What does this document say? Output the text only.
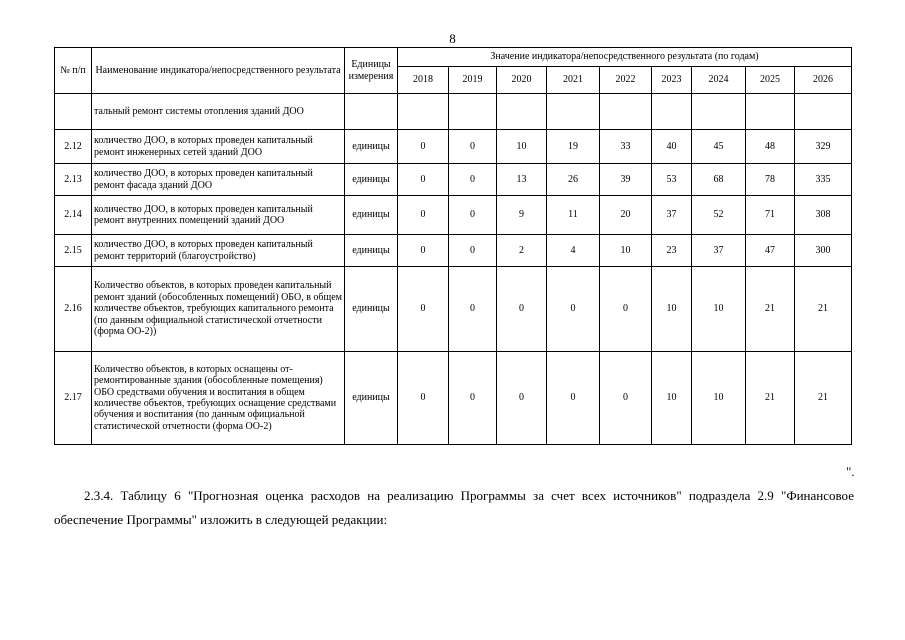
8
№ п/п	Наименование индикатора/непосредственного результата	Единицы измерения	Значение индикатора/непосредственного результата (по годам)								
			2018	2019	2020	2021	2022	2023	2024	2025	2026
	тальный ремонт системы отопления зданий ДОО										
2.12	количество ДОО, в которых проведен капитальный ремонт инженерных сетей зданий ДОО	единицы	0	0	10	19	33	40	45	48	329
2.13	количество ДОО, в которых проведен капитальный ремонт фасада зданий ДОО	единицы	0	0	13	26	39	53	68	78	335
2.14	количество ДОО, в которых проведен капитальный ремонт внутренних помещений зданий ДОО	единицы	0	0	9	11	20	37	52	71	308
2.15	количество ДОО, в которых проведен капитальный ремонт территорий (благоустройство)	единицы	0	0	2	4	10	23	37	47	300
2.16	Количество объектов, в которых проведен капитальный ремонт зданий (обособленных помещений) ОБО, в общем количестве объектов, требующих капитального ремонта (по данным официальной статистической отчетности (форма ОО-2))	единицы	0	0	0	0	0	10	10	21	21
2.17	Количество объектов, в которых оснащены отремонтированные здания (обособленные помещения) ОБО средствами обучения и воспитания в общем количестве объектов, требующих оснащение средствами обучения и воспитания (по данным официальной статистической отчетности (форма ОО-2)	единицы	0	0	0	0	0	10	10	21	21
".
2.3.4. Таблицу 6 "Прогнозная оценка расходов на реализацию Программы за счет всех источников" подраздела 2.9 "Финансовое обеспечение Программы" изложить в следующей редакции:
